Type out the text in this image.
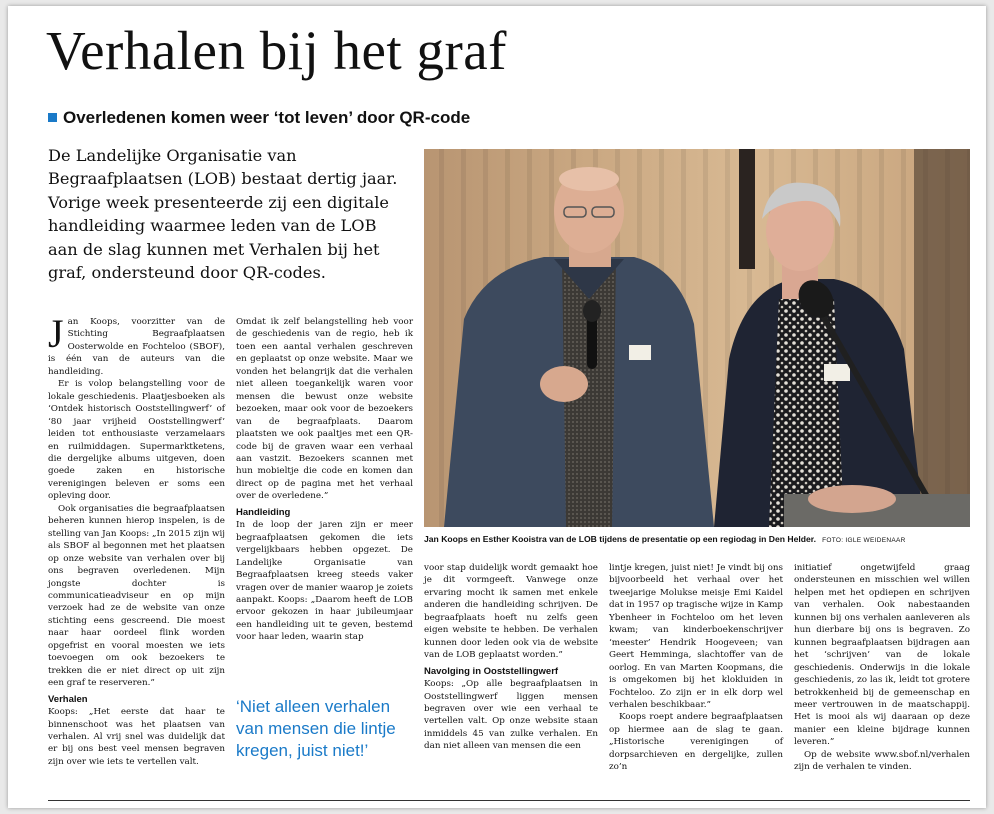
Verhalen bij het graf
Overledenen komen weer ‘tot leven’ door QR-code

De Landelijke Organisatie van Begraafplaatsen (LOB) bestaat dertig jaar. Vorige week presenteerde zij een digitale handleiding waarmee leden van de LOB aan de slag kunnen met Verhalen bij het graf, ondersteund door QR-codes.

Jan Koops, voorzitter van de Stichting Begraafplaatsen Oosterwolde en Fochteloo (SBOF), is één van de auteurs van die handleiding.

Er is volop belangstelling voor de lokale geschiedenis. Plaatjesboeken als ‘Ontdek historisch Ooststellingwerf’ of ‘80 jaar vrijheid Ooststellingwerf’ leiden tot enthousiaste verzamelaars en ruilmiddagen. Supermarktketens, die dergelijke albums uitgeven, doen goede zaken en historische verenigingen beleven er soms een opleving door.

Ook organisaties die begraafplaatsen beheren kunnen hierop inspelen, is de stelling van Jan Koops: „In 2015 zijn wij als SBOF al begonnen met het plaatsen op onze website van verhalen over bij ons begraven overledenen. Mijn jongste dochter is communicatieadviseur en op mijn verzoek had ze de website van onze stichting eens gescreend. Die moest naar haar oordeel flink worden opgefrist en vooral moesten we iets toevoegen om ook bezoekers te trekken die er niet direct op uit zijn een graf te reserveren.”

Verhalen

Koops: „Het eerste dat haar te binnenschoot was het plaatsen van verhalen. Al vrij snel was duidelijk dat er bij ons best veel mensen begraven zijn over wie iets te vertellen valt.

Omdat ik zelf belangstelling heb voor de geschiedenis van de regio, heb ik toen een aantal verhalen geschreven en geplaatst op onze website. Maar we vonden het belangrijk dat die verhalen niet alleen toegankelijk waren voor mensen die bewust onze website bezoeken, maar ook voor de bezoekers van de begraafplaats. Daarom plaatsten we ook paaltjes met een QR-code bij de graven waar een verhaal aan vastzit. Bezoekers scannen met hun mobieltje die code en komen dan direct op de pagina met het verhaal over de overledene.”

Handleiding

In de loop der jaren zijn er meer begraafplaatsen gekomen die iets vergelijkbaars hebben opgezet. De Landelijke Organisatie van Begraafplaatsen kreeg steeds vaker vragen over de manier waarop je zoiets aanpakt. Koops: „Daarom heeft de LOB ervoor gekozen in haar jubileumjaar een handleiding uit te geven, bestemd voor haar leden, waarin stap

‘Niet alleen verhalen van mensen die lintje kregen, juist niet!’
Jan Koops en Esther Kooistra van de LOB tijdens de presentatie op een regiodag in Den Helder. FOTO: IGLE WEIDENAAR

voor stap duidelijk wordt gemaakt hoe je dit vormgeeft. Vanwege onze ervaring mocht ik samen met enkele anderen die handleiding schrijven. De begraafplaats hoeft nu zelfs geen eigen website te hebben. De verhalen kunnen door leden ook via de website van de LOB geplaatst worden.”

Navolging in Ooststellingwerf

Koops: „Op alle begraafplaatsen in Ooststellingwerf liggen mensen begraven over wie een verhaal te vertellen valt. Op onze website staan inmiddels 45 van zulke verhalen. En dan niet alleen van mensen die een

lintje kregen, juist niet! Je vindt bij ons bijvoorbeeld het verhaal over het tweejarige Molukse meisje Emi Kaidel dat in 1957 op tragische wijze in Kamp Ybenheer in Fochteloo om het leven kwam; van kinderboekenschrijver ‘meester’ Hendrik Hoogeveen; van Geert Hemminga, slachtoffer van de oorlog. En van Marten Koopmans, die is omgekomen bij het klokluiden in Fochteloo. Zo zijn er in elk dorp wel verhalen beschikbaar.”

Koops roept andere begraafplaatsen op hiermee aan de slag te gaan. „Historische verenigingen of dorpsarchieven en dergelijke, zullen zo’n

initiatief ongetwijfeld graag ondersteunen en misschien wel willen helpen met het opdiepen en schrijven van verhalen. Ook nabestaanden kunnen bij ons verhalen aanleveren als hun dierbare bij ons is begraven. Zo kunnen begraafplaatsen bijdragen aan het ‘schrijven’ van de lokale geschiedenis. Onderwijs in die lokale geschiedenis, zo las ik, leidt tot grotere betrokkenheid bij de gemeenschap en meer vertrouwen in de maatschappij. Het is mooi als wij daaraan op deze manier een kleine bijdrage kunnen leveren.”

Op de website www.sbof.nl/verhalen zijn de verhalen te vinden.
